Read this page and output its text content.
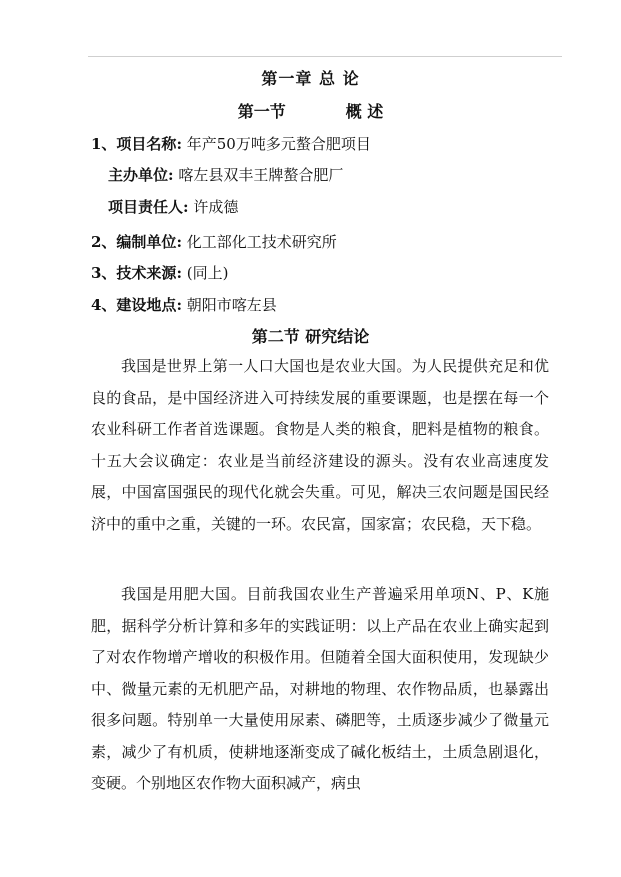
第一章 总 论
第一节	概 述
1、项目名称: 年产50万吨多元螯合肥项目
主办单位: 喀左县双丰王牌螯合肥厂
项目责任人: 许成德
2、编制单位: 化工部化工技术研究所
3、技术来源: (同上)
4、建设地点: 朝阳市喀左县
第二节 研究结论

我国是世界上第一人口大国也是农业大国。为人民提供充足和优良的食品，是中国经济进入可持续发展的重要课题，也是摆在每一个农业科研工作者首选课题。食物是人类的粮食，肥料是植物的粮食。十五大会议确定：农业是当前经济建设的源头。没有农业高速度发展，中国富国强民的现代化就会失重。可见，解决三农问题是国民经济中的重中之重，关键的一环。农民富，国家富；农民稳，天下稳。

我国是用肥大国。目前我国农业生产普遍采用单项N、P、K施肥，据科学分析计算和多年的实践证明：以上产品在农业上确实起到了对农作物增产增收的积极作用。但随着全国大面积使用，发现缺少中、微量元素的无机肥产品，对耕地的物理、农作物品质，也暴露出很多问题。特别单一大量使用尿素、磷肥等，土质逐步减少了微量元素，减少了有机质，使耕地逐渐变成了碱化板结土，土质急剧退化，变硬。个别地区农作物大面积减产，病虫
